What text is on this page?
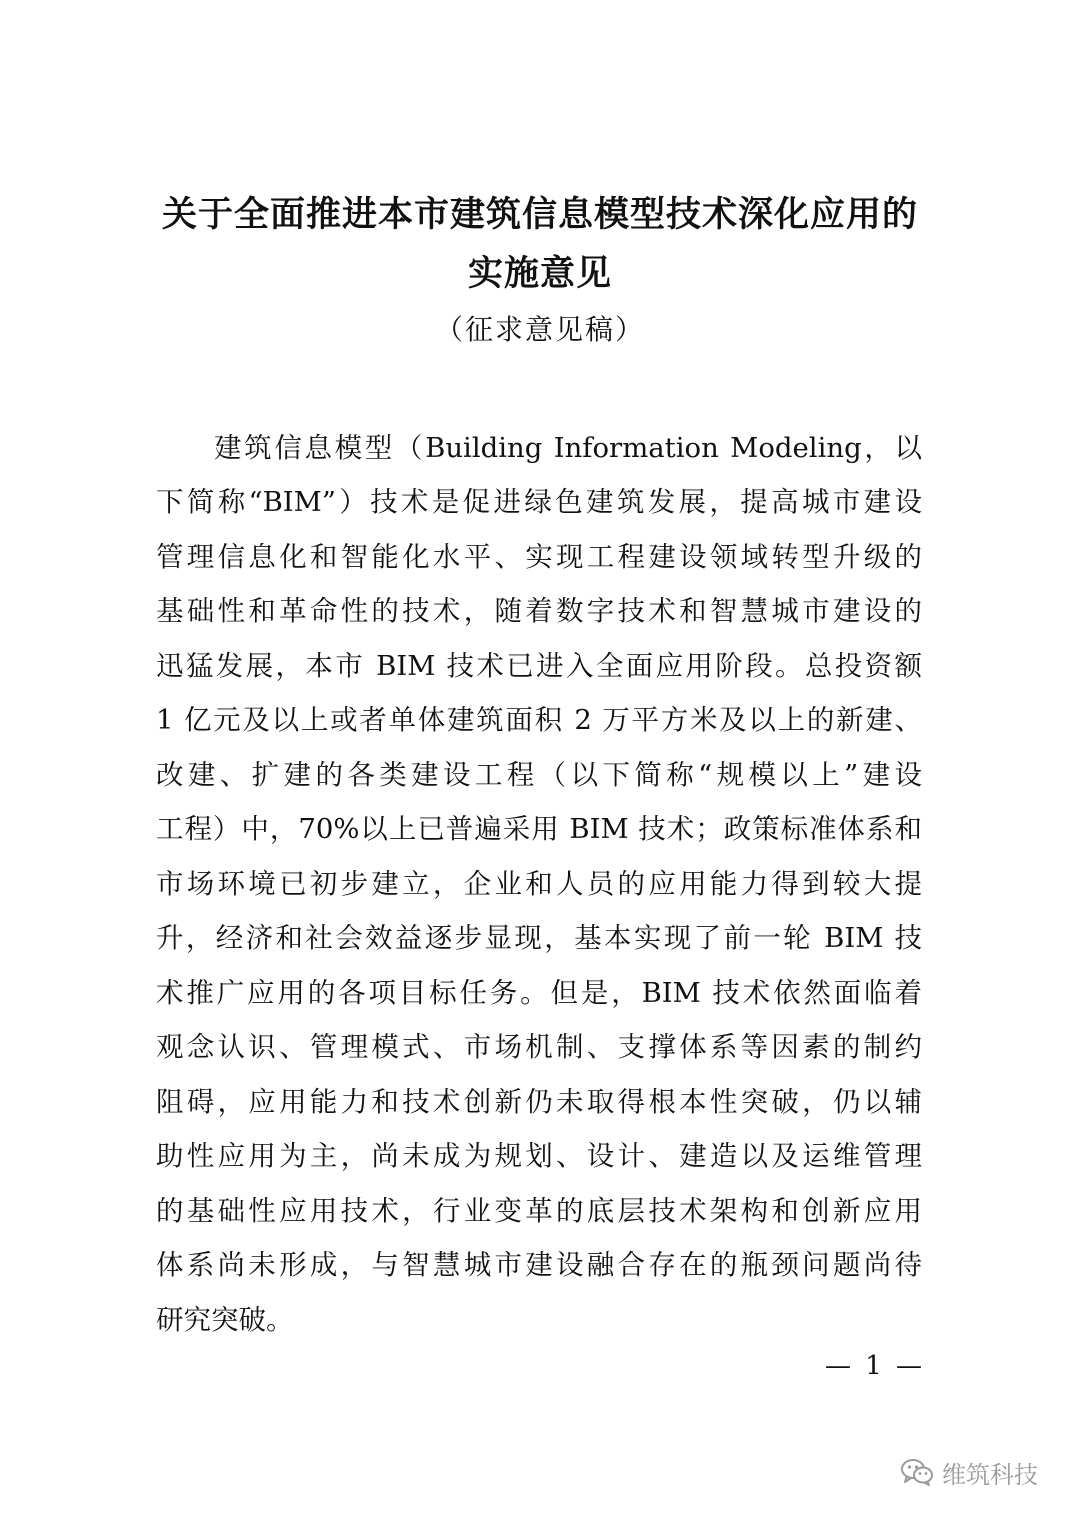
关于全面推进本市建筑信息模型技术深化应用的
实施意见
（征求意见稿）
建筑信息模型（Building Information Modeling，以
下简称“BIM”）技术是促进绿色建筑发展，提高城市建设
管理信息化和智能化水平、实现工程建设领域转型升级的
基础性和革命性的技术，随着数字技术和智慧城市建设的
迅猛发展，本市 BIM 技术已进入全面应用阶段。总投资额
1 亿元及以上或者单体建筑面积 2 万平方米及以上的新建、
改建、扩建的各类建设工程（以下简称“规模以上”建设
工程）中，70%以上已普遍采用 BIM 技术；政策标准体系和
市场环境已初步建立，企业和人员的应用能力得到较大提
升，经济和社会效益逐步显现，基本实现了前一轮 BIM 技
术推广应用的各项目标任务。但是，BIM 技术依然面临着
观念认识、管理模式、市场机制、支撑体系等因素的制约
阻碍，应用能力和技术创新仍未取得根本性突破，仍以辅
助性应用为主，尚未成为规划、设计、建造以及运维管理
的基础性应用技术，行业变革的底层技术架构和创新应用
体系尚未形成，与智慧城市建设融合存在的瓶颈问题尚待
研究突破。
— 1 —
维筑科技
